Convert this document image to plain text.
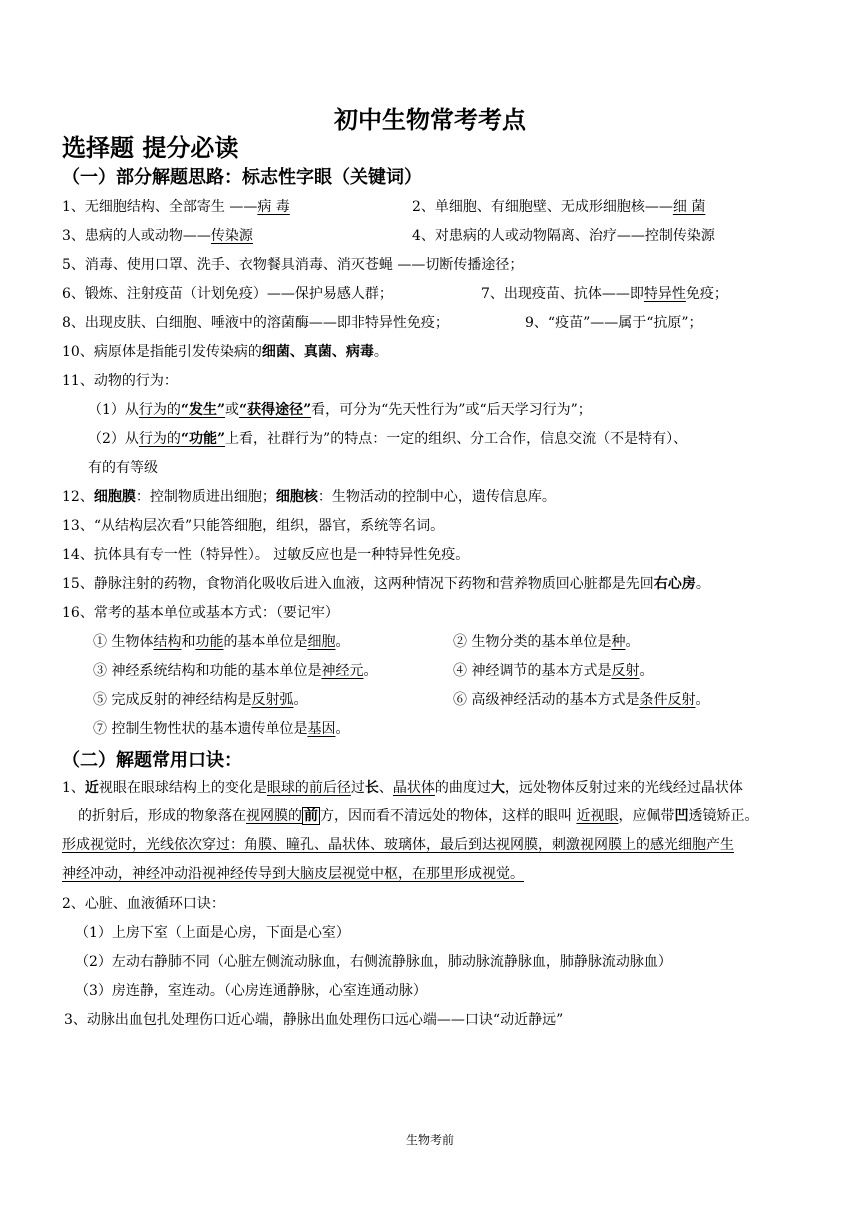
初中生物常考考点
选择题 提分必读
（一）部分解题思路：标志性字眼（关键词）
1、无细胞结构、全部寄生 ——病 毒	2、单细胞、有细胞壁、无成形细胞核——细 菌
3、患病的人或动物——传染源	4、对患病的人或动物隔离、治疗——控制传染源
5、消毒、使用口罩、洗手、衣物餐具消毒、消灭苍蝇 ——切断传播途径；
6、锻炼、注射疫苗（计划免疫）——保护易感人群；	7、出现疫苗、抗体——即特异性免疫；
8、出现皮肤、白细胞、唾液中的溶菌酶——即非特异性免疫；	9、“疫苗”——属于“抗原”；
10、病原体是指能引发传染病的细菌、真菌、病毒。
11、动物的行为：
（1）从行为的“发生”或“获得途径”看，可分为“先天性行为”或“后天学习行为”；
（2）从行为的“功能”上看，社群行为”的特点：一定的组织、分工合作，信息交流（不是特有）、
有的有等级
12、细胞膜：控制物质进出细胞；细胞核：生物活动的控制中心，遗传信息库。
13、“从结构层次看”只能答细胞，组织，器官，系统等名词。
14、抗体具有专一性（特异性）。 过敏反应也是一种特异性免疫。
15、静脉注射的药物，食物消化吸收后进入血液，这两种情况下药物和营养物质回心脏都是先回右心房。
16、常考的基本单位或基本方式：（要记牢）
① 生物体结构和功能的基本单位是细胞。	② 生物分类的基本单位是种。
③ 神经系统结构和功能的基本单位是神经元。	④ 神经调节的基本方式是反射。
⑤ 完成反射的神经结构是反射弧。	⑥ 高级神经活动的基本方式是条件反射。
⑦ 控制生物性状的基本遗传单位是基因。
（二）解题常用口诀：
1、近视眼在眼球结构上的变化是眼球的前后径过长、晶状体的曲度过大，远处物体反射过来的光线经过晶状体
的折射后，形成的物象落在视网膜的 前 方，因而看不清远处的物体，这样的眼叫 近视眼，应佩带凹透镜矫正。
形成视觉时，光线依次穿过：角膜、瞳孔、晶状体、玻璃体，最后到达视网膜，刺激视网膜上的感光细胞产生
神经冲动，神经冲动沿视神经传导到大脑皮层视觉中枢，在那里形成视觉。
2、心脏、血液循环口诀：
（1）上房下室（上面是心房，下面是心室）
（2）左动右静肺不同（心脏左侧流动脉血，右侧流静脉血，肺动脉流静脉血，肺静脉流动脉血）
（3）房连静，室连动。（心房连通静脉，心室连通动脉）
3、动脉出血包扎处理伤口近心端，静脉出血处理伤口远心端——口诀“动近静远”
生物考前
